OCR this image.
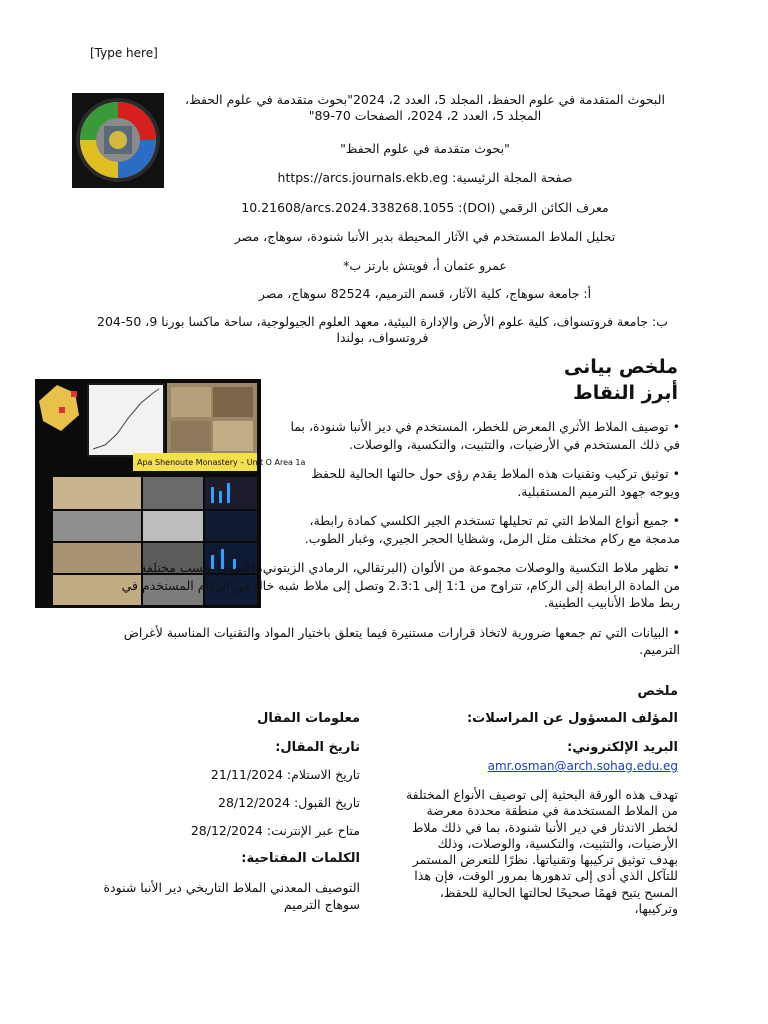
[Type here]
البحوث المتقدمة في علوم الحفظ، المجلد 5، العدد 2، 2024"بحوث متقدمة في علوم الحفظ، المجلد 5، العدد 2، 2024، الصفحات 70-89"
"بحوث متقدمة في علوم الحفظ"
صفحة المجلة الرئيسية: https://arcs.journals.ekb.eg
معرف الكائن الرقمي (DOI): 10.21608/arcs.2024.338268.1055
تحليل الملاط المستخدم في الآثار المحيطة بدير الأنبا شنودة، سوهاج، مصر
عمرو عثمان أ، فويتش بارتز ب*
أ: جامعة سوهاج، كلية الآثار، قسم الترميم، 82524 سوهاج، مصر
ب: جامعة فروتسواف، كلية علوم الأرض والإدارة البيئية، معهد العلوم الجيولوجية، ساحة ماكسا بورنا 9، 50-204 فروتسواف، بولندا
ملخص بيانى
أبرز النقاط
Apa Shenoute Monastery – Unit O Area 1a

• توصيف الملاط الأثري المعرض للخطر، المستخدم في دير الأنبا شنودة، بما في ذلك المستخدم في الأرضيات، والتثبيت، والتكسية، والوصلات.

• توثيق تركيب وتقنيات هذه الملاط يقدم رؤى حول حالتها الحالية للحفظ ويوجه جهود الترميم المستقبلية.

• جميع أنواع الملاط التي تم تحليلها تستخدم الجير الكلسي كمادة رابطة، مدمجة مع ركام مختلف مثل الرمل، وشظايا الحجر الجيري، وغبار الطوب.

• تظهر ملاط التكسية والوصلات مجموعة من الألوان (البرتقالي، الرمادي الزيتوني، الأسود) ونسب مختلفة من المادة الرابطة إلى الركام، تتراوح من 1:1 إلى 2.3:1 وتصل إلى ملاط شبه خالٍ من الركام المستخدم في ربط ملاط الأنابيب الطينية.

• البيانات التي تم جمعها ضرورية لاتخاذ قرارات مستنيرة فيما يتعلق باختيار المواد والتقنيات المناسبة لأغراض الترميم.

ملخص
المؤلف المسؤول عن المراسلات:
البريد الإلكتروني:
amr.osman@arch.sohag.edu.eg
تهدف هذه الورقة البحثية إلى توصيف الأنواع المختلفة من الملاط المستخدمة في منطقة محددة معرضة لخطر الاندثار في دير الأنبا شنودة، بما في ذلك ملاط الأرضيات، والتثبيت، والتكسية، والوصلات، وذلك بهدف توثيق تركيبها وتقنياتها. نظرًا للتعرض المستمر للتآكل الذي أدى إلى تدهورها بمرور الوقت، فإن هذا المسح يتيح فهمًا صحيحًا لحالتها الحالية للحفظ، وتركيبها،
معلومات المقال
تاريخ المقال:
تاريخ الاستلام: 21/11/2024
تاريخ القبول: 28/12/2024
متاح عبر الإنترنت: 28/12/2024
الكلمات المفتاحية:
التوصيف المعدني الملاط التاريخي دير الأنبا شنودة سوهاج الترميم
